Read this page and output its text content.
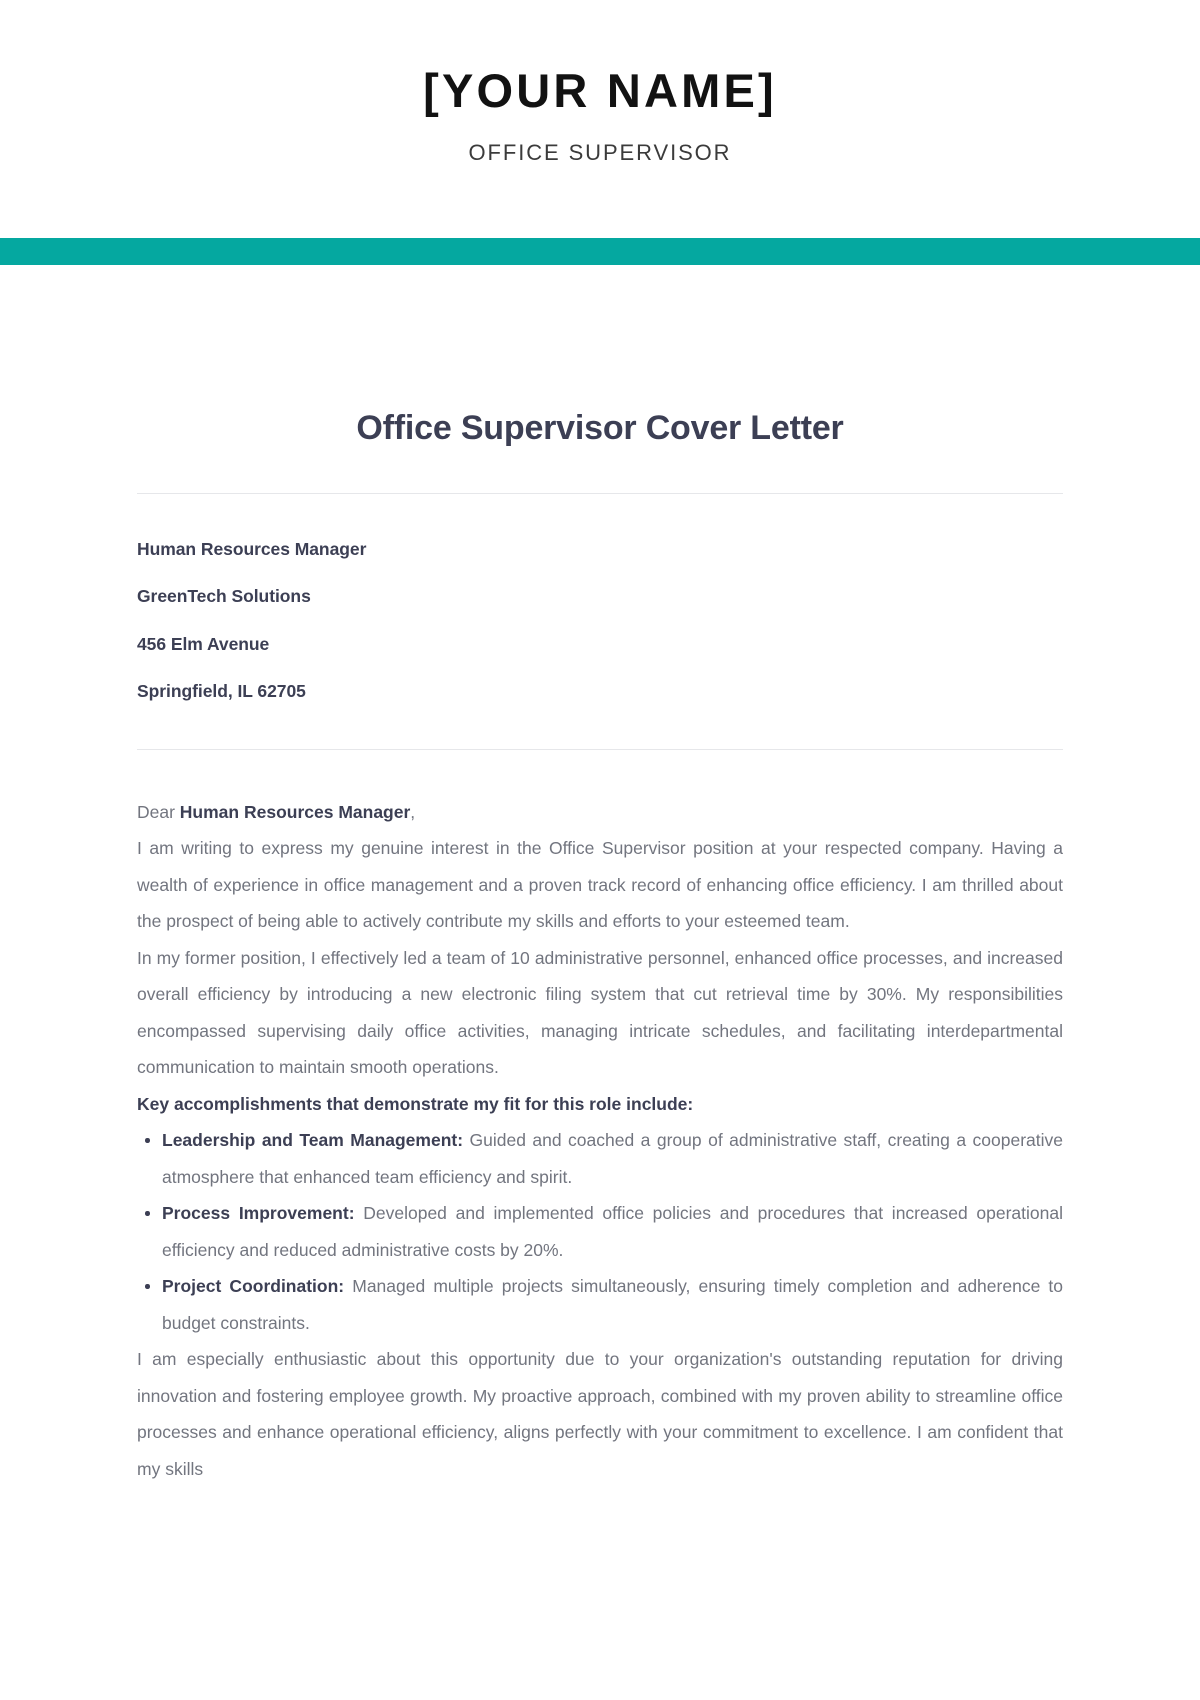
[YOUR NAME]
OFFICE SUPERVISOR
Office Supervisor Cover Letter
Human Resources Manager
GreenTech Solutions
456 Elm Avenue
Springfield, IL 62705

Dear Human Resources Manager,

I am writing to express my genuine interest in the Office Supervisor position at your respected company. Having a wealth of experience in office management and a proven track record of enhancing office efficiency. I am thrilled about the prospect of being able to actively contribute my skills and efforts to your esteemed team.

In my former position, I effectively led a team of 10 administrative personnel, enhanced office processes, and increased overall efficiency by introducing a new electronic filing system that cut retrieval time by 30%. My responsibilities encompassed supervising daily office activities, managing intricate schedules, and facilitating interdepartmental communication to maintain smooth operations.

Key accomplishments that demonstrate my fit for this role include:

Leadership and Team Management: Guided and coached a group of administrative staff, creating a cooperative atmosphere that enhanced team efficiency and spirit.
Process Improvement: Developed and implemented office policies and procedures that increased operational efficiency and reduced administrative costs by 20%.
Project Coordination: Managed multiple projects simultaneously, ensuring timely completion and adherence to budget constraints.

I am especially enthusiastic about this opportunity due to your organization's outstanding reputation for driving innovation and fostering employee growth. My proactive approach, combined with my proven ability to streamline office processes and enhance operational efficiency, aligns perfectly with your commitment to excellence. I am confident that my skills
